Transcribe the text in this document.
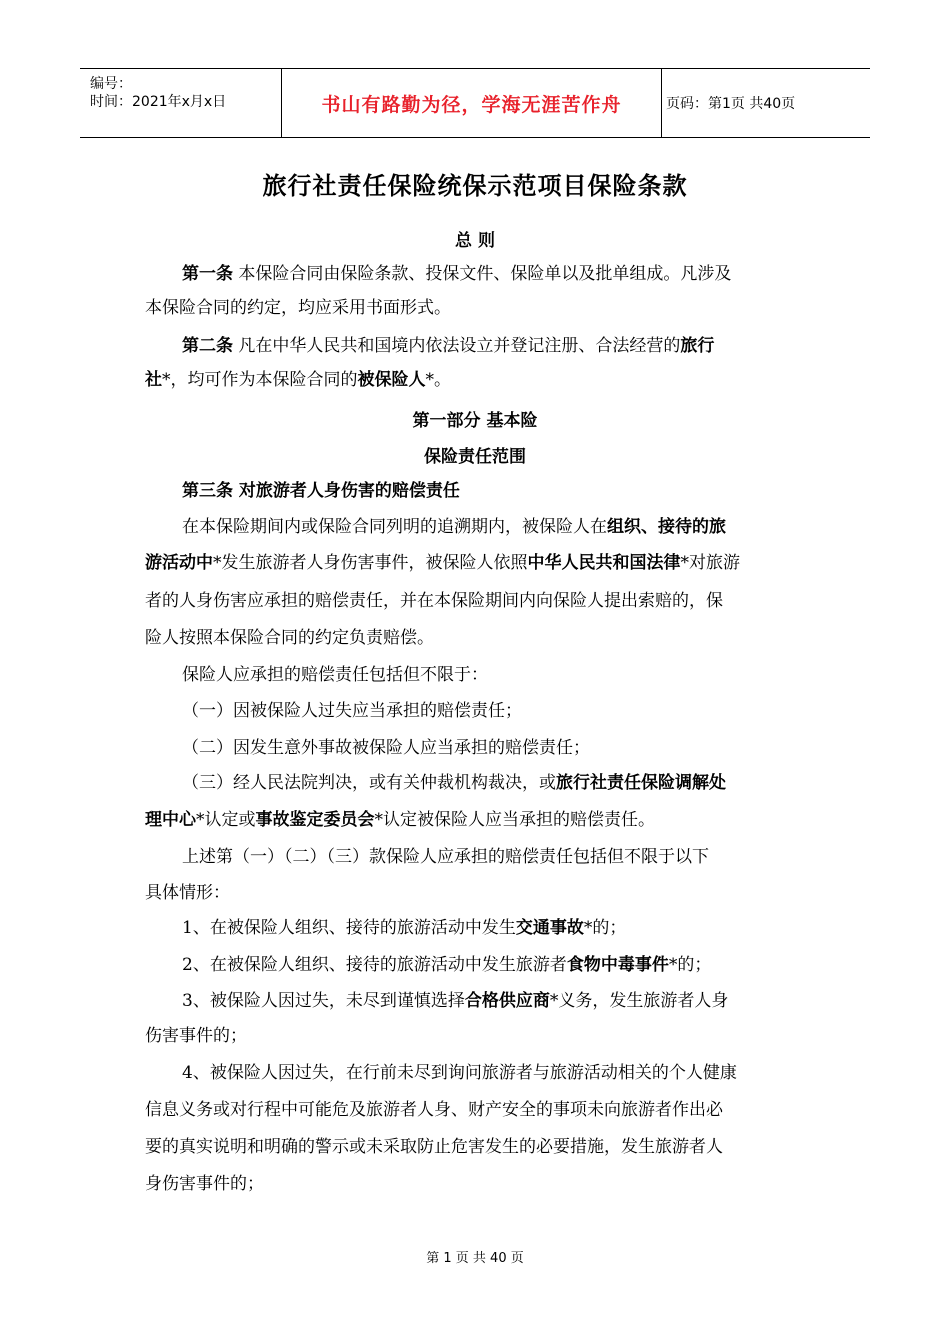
编号：
时间：2021年x月x日	书山有路勤为径，学海无涯苦作舟	页码：第1页 共40页
旅行社责任保险统保示范项目保险条款
总 则
第一条 本保险合同由保险条款、投保文件、保险单以及批单组成。凡涉及
本保险合同的约定，均应采用书面形式。
第二条 凡在中华人民共和国境内依法设立并登记注册、合法经营的旅行
社*，均可作为本保险合同的被保险人*。
第一部分 基本险
保险责任范围
第三条 对旅游者人身伤害的赔偿责任
在本保险期间内或保险合同列明的追溯期内，被保险人在组织、接待的旅
游活动中*发生旅游者人身伤害事件，被保险人依照中华人民共和国法律*对旅游
者的人身伤害应承担的赔偿责任，并在本保险期间内向保险人提出索赔的，保
险人按照本保险合同的约定负责赔偿。
保险人应承担的赔偿责任包括但不限于：
（一）因被保险人过失应当承担的赔偿责任；
（二）因发生意外事故被保险人应当承担的赔偿责任；
（三）经人民法院判决，或有关仲裁机构裁决，或旅行社责任保险调解处
理中心*认定或事故鉴定委员会*认定被保险人应当承担的赔偿责任。
上述第（一）（二）（三）款保险人应承担的赔偿责任包括但不限于以下
具体情形：
1、在被保险人组织、接待的旅游活动中发生交通事故*的；
2、在被保险人组织、接待的旅游活动中发生旅游者食物中毒事件*的；
3、被保险人因过失，未尽到谨慎选择合格供应商*义务，发生旅游者人身
伤害事件的；
4、被保险人因过失，在行前未尽到询问旅游者与旅游活动相关的个人健康
信息义务或对行程中可能危及旅游者人身、财产安全的事项未向旅游者作出必
要的真实说明和明确的警示或未采取防止危害发生的必要措施，发生旅游者人
身伤害事件的；
第 1 页 共 40 页
